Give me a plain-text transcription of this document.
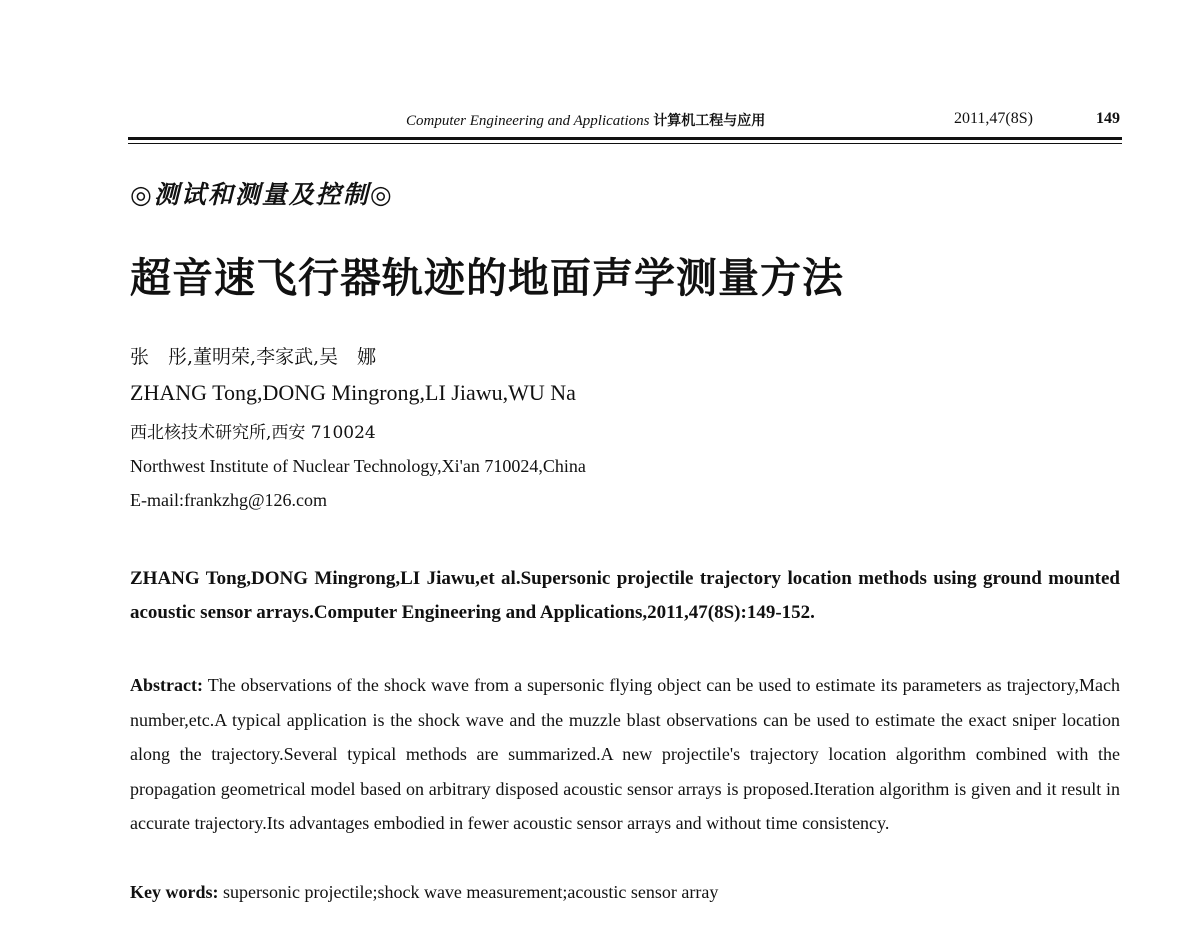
Computer Engineering and Applications 计算机工程与应用	2011,47(8S)	149
◎测试和测量及控制◎
超音速飞行器轨迹的地面声学测量方法
张　彤,董明荣,李家武,吴　娜
ZHANG Tong,DONG Mingrong,LI Jiawu,WU Na
西北核技术研究所,西安 710024
Northwest Institute of Nuclear Technology,Xi'an 710024,China
E-mail:frankzhg@126.com
ZHANG Tong,DONG Mingrong,LI Jiawu,et al.Supersonic projectile trajectory location methods using ground mounted acoustic sensor arrays.Computer Engineering and Applications,2011,47(8S):149-152.
Abstract: The observations of the shock wave from a supersonic flying object can be used to estimate its parameters as trajectory,Mach number,etc.A typical application is the shock wave and the muzzle blast observations can be used to estimate the exact sniper location along the trajectory.Several typical methods are summarized.A new projectile's trajectory location algorithm combined with the propagation geometrical model based on arbitrary disposed acoustic sensor arrays is proposed.Iteration algorithm is given and it result in accurate trajectory.Its advantages embodied in fewer acoustic sensor arrays and without time consistency.
Key words: supersonic projectile;shock wave measurement;acoustic sensor array
